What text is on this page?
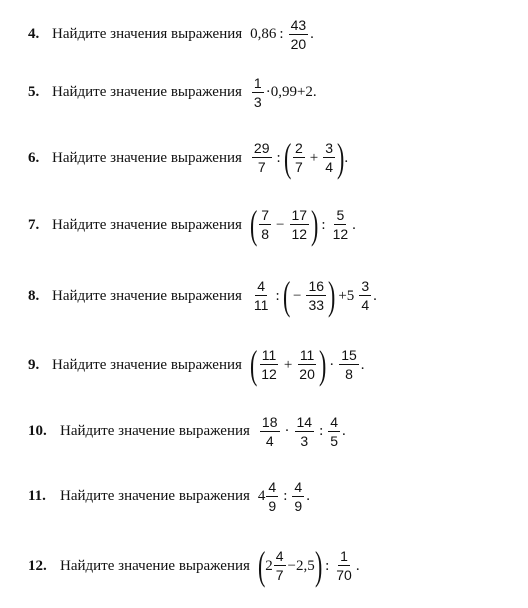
4. Найдите значения выражения 0,86 : $\frac{43}{20}$ .
5. Найдите значение выражения $\frac{1}{3} \cdot 0,99+2$.
6. Найдите значение выражения $\frac{29}{7}$ : ( $\frac{2}{7} + \frac{3}{4}$ ) .
7. Найдите значение выражения ( $\frac{7}{8} - \frac{17}{12}$ ) : $\frac{5}{12}$ .
8. Найдите значение выражения $\frac{4}{11}$ : ( − $\frac{16}{33}$ ) $+5 \frac{3}{4}$ .
9. Найдите значение выражения ( $\frac{11}{12} + \frac{11}{20}$ ) · $\frac{15}{8}$ .
10. Найдите значение выражения $\frac{18}{4} \cdot \frac{14}{3}$ : $\frac{4}{5}$ .
11. Найдите значение выражения $4 \frac{4}{9}$ : $\frac{4}{9}$ .
12. Найдите значение выражения ( $2 \frac{4}{7} -2,5$ ) : $\frac{1}{70}$ .
